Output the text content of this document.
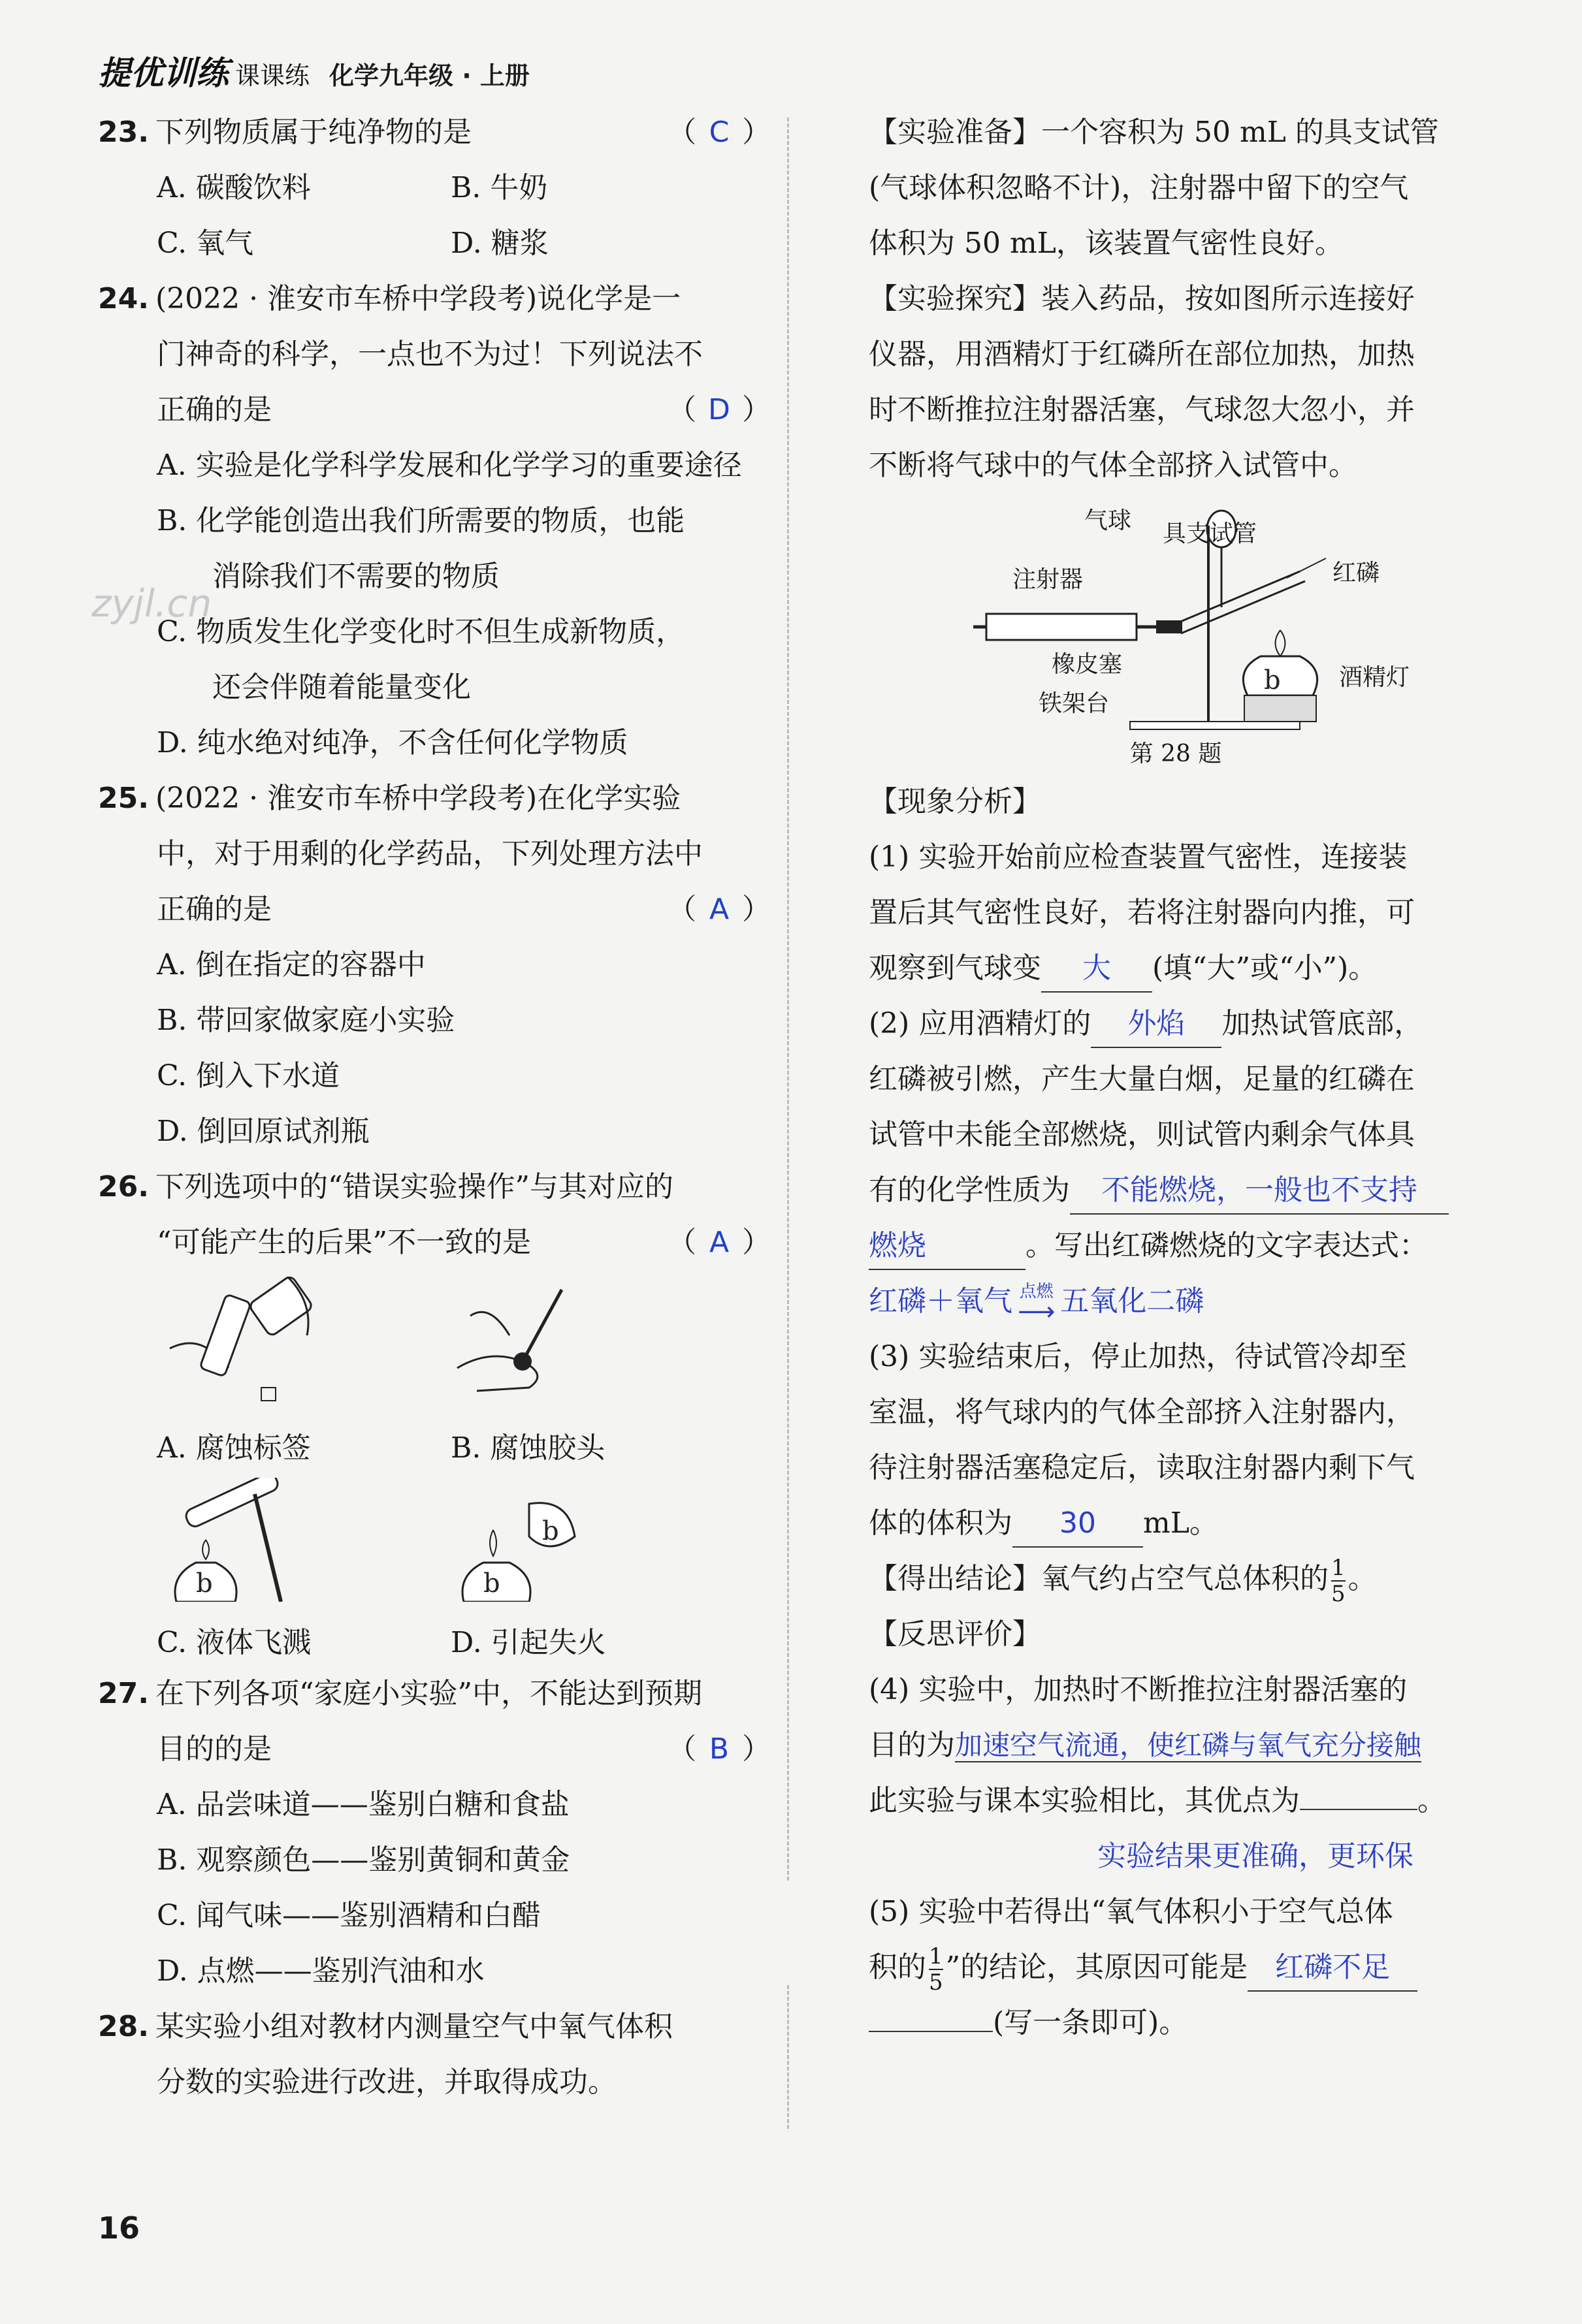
提优训练 课课练 化学九年级 · 上册
zyjl.cn
23. 下列物质属于纯净物的是	（ C ）
A. 碳酸饮料	B. 牛奶
C. 氧气	D. 糖浆
24. (2022 · 淮安市车桥中学段考)说化学是一
门神奇的科学，一点也不为过！下列说法不
正确的是	（ D ）
A. 实验是化学科学发展和化学学习的重要途径
B. 化学能创造出我们所需要的物质，也能
消除我们不需要的物质
C. 物质发生化学变化时不但生成新物质，
还会伴随着能量变化
D. 纯水绝对纯净，不含任何化学物质
25. (2022 · 淮安市车桥中学段考)在化学实验
中，对于用剩的化学药品，下列处理方法中
正确的是	（ A ）
A. 倒在指定的容器中
B. 带回家做家庭小实验
C. 倒入下水道
D. 倒回原试剂瓶
26. 下列选项中的“错误实验操作”与其对应的
“可能产生的后果”不一致的是	（ A ）
A. 腐蚀标签	B. 腐蚀胶头
b
C. 液体飞溅
b
b
D. 引起失火
27. 在下列各项“家庭小实验”中，不能达到预期
目的的是	（ B ）
A. 品尝味道——鉴别白糖和食盐
B. 观察颜色——鉴别黄铜和黄金
C. 闻气味——鉴别酒精和白醋
D. 点燃——鉴别汽油和水
28. 某实验小组对教材内测量空气中氧气体积
分数的实验进行改进，并取得成功。
【实验准备】一个容积为 50 mL 的具支试管
(气球体积忽略不计)，注射器中留下的空气
体积为 50 mL，该装置气密性良好。
【实验探究】装入药品，按如图所示连接好
仪器，用酒精灯于红磷所在部位加热，加热
时不断推拉注射器活塞，气球忽大忽小，并
不断将气球中的气体全部挤入试管中。
b
气球 具支试管
注射器	红磷
橡皮塞	酒精灯
铁架台
第 28 题
【现象分析】
(1) 实验开始前应检查装置气密性，连接装
置后其气密性良好，若将注射器向内推，可
观察到气球变 大 (填“大”或“小”)。
(2) 应用酒精灯的 外焰 加热试管底部，
红磷被引燃，产生大量白烟，足量的红磷在
试管中未能全部燃烧，则试管内剩余气体具
有的化学性质为 不能燃烧，一般也不支持
燃烧	。写出红磷燃烧的文字表达式：
红磷＋氧气 点燃
⟶ 五氧化二磷
(3) 实验结束后，停止加热，待试管冷却至
室温，将气球内的气体全部挤入注射器内，
待注射器活塞稳定后，读取注射器内剩下气
体的体积为 30 mL。
【得出结论】氧气约占空气总体积的 $\frac{1}{5}$ 。
【反思评价】
(4) 实验中，加热时不断推拉注射器活塞的
目的为加速空气流通，使红磷与氧气充分接触
此实验与课本实验相比，其优点为	。
实验结果更准确，更环保
(5) 实验中若得出“氧气体积小于空气总体
积的 $\frac{1}{5}$ ”的结论，其原因可能是 红磷不足
(写一条即可)。
16
